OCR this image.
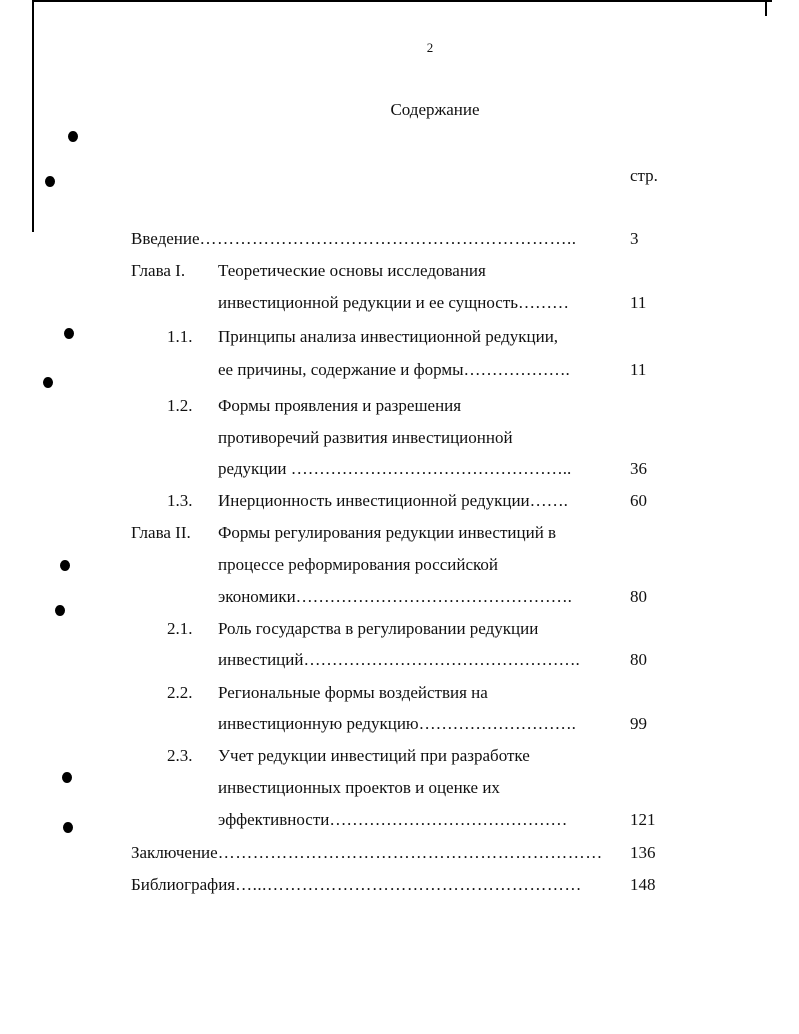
2
Содержание
стр.
Введение………………………………………………………..	3
Глава I. Теоретические основы исследования
инвестиционной редукции и ее сущность………	11
1.1. Принципы анализа инвестиционной редукции,
ее причины, содержание и формы……………….	11
1.2. Формы проявления и разрешения
противоречий развития инвестиционной
редукции …………………………………………..	36
1.3. Инерционность инвестиционной редукции…….	60
Глава II. Формы регулирования редукции инвестиций в
процессе реформирования российской
экономики………………………………………….	80
2.1. Роль государства в регулировании редукции
инвестиций………………………………………….	80
2.2. Региональные формы воздействия на
инвестиционную редукцию……………………….	99
2.3. Учет редукции инвестиций при разработке
инвестиционных проектов и оценке их
эффективности……………………………………	121
Заключение………………………………………………………… 136
Библиография…...………………………………………………	148
